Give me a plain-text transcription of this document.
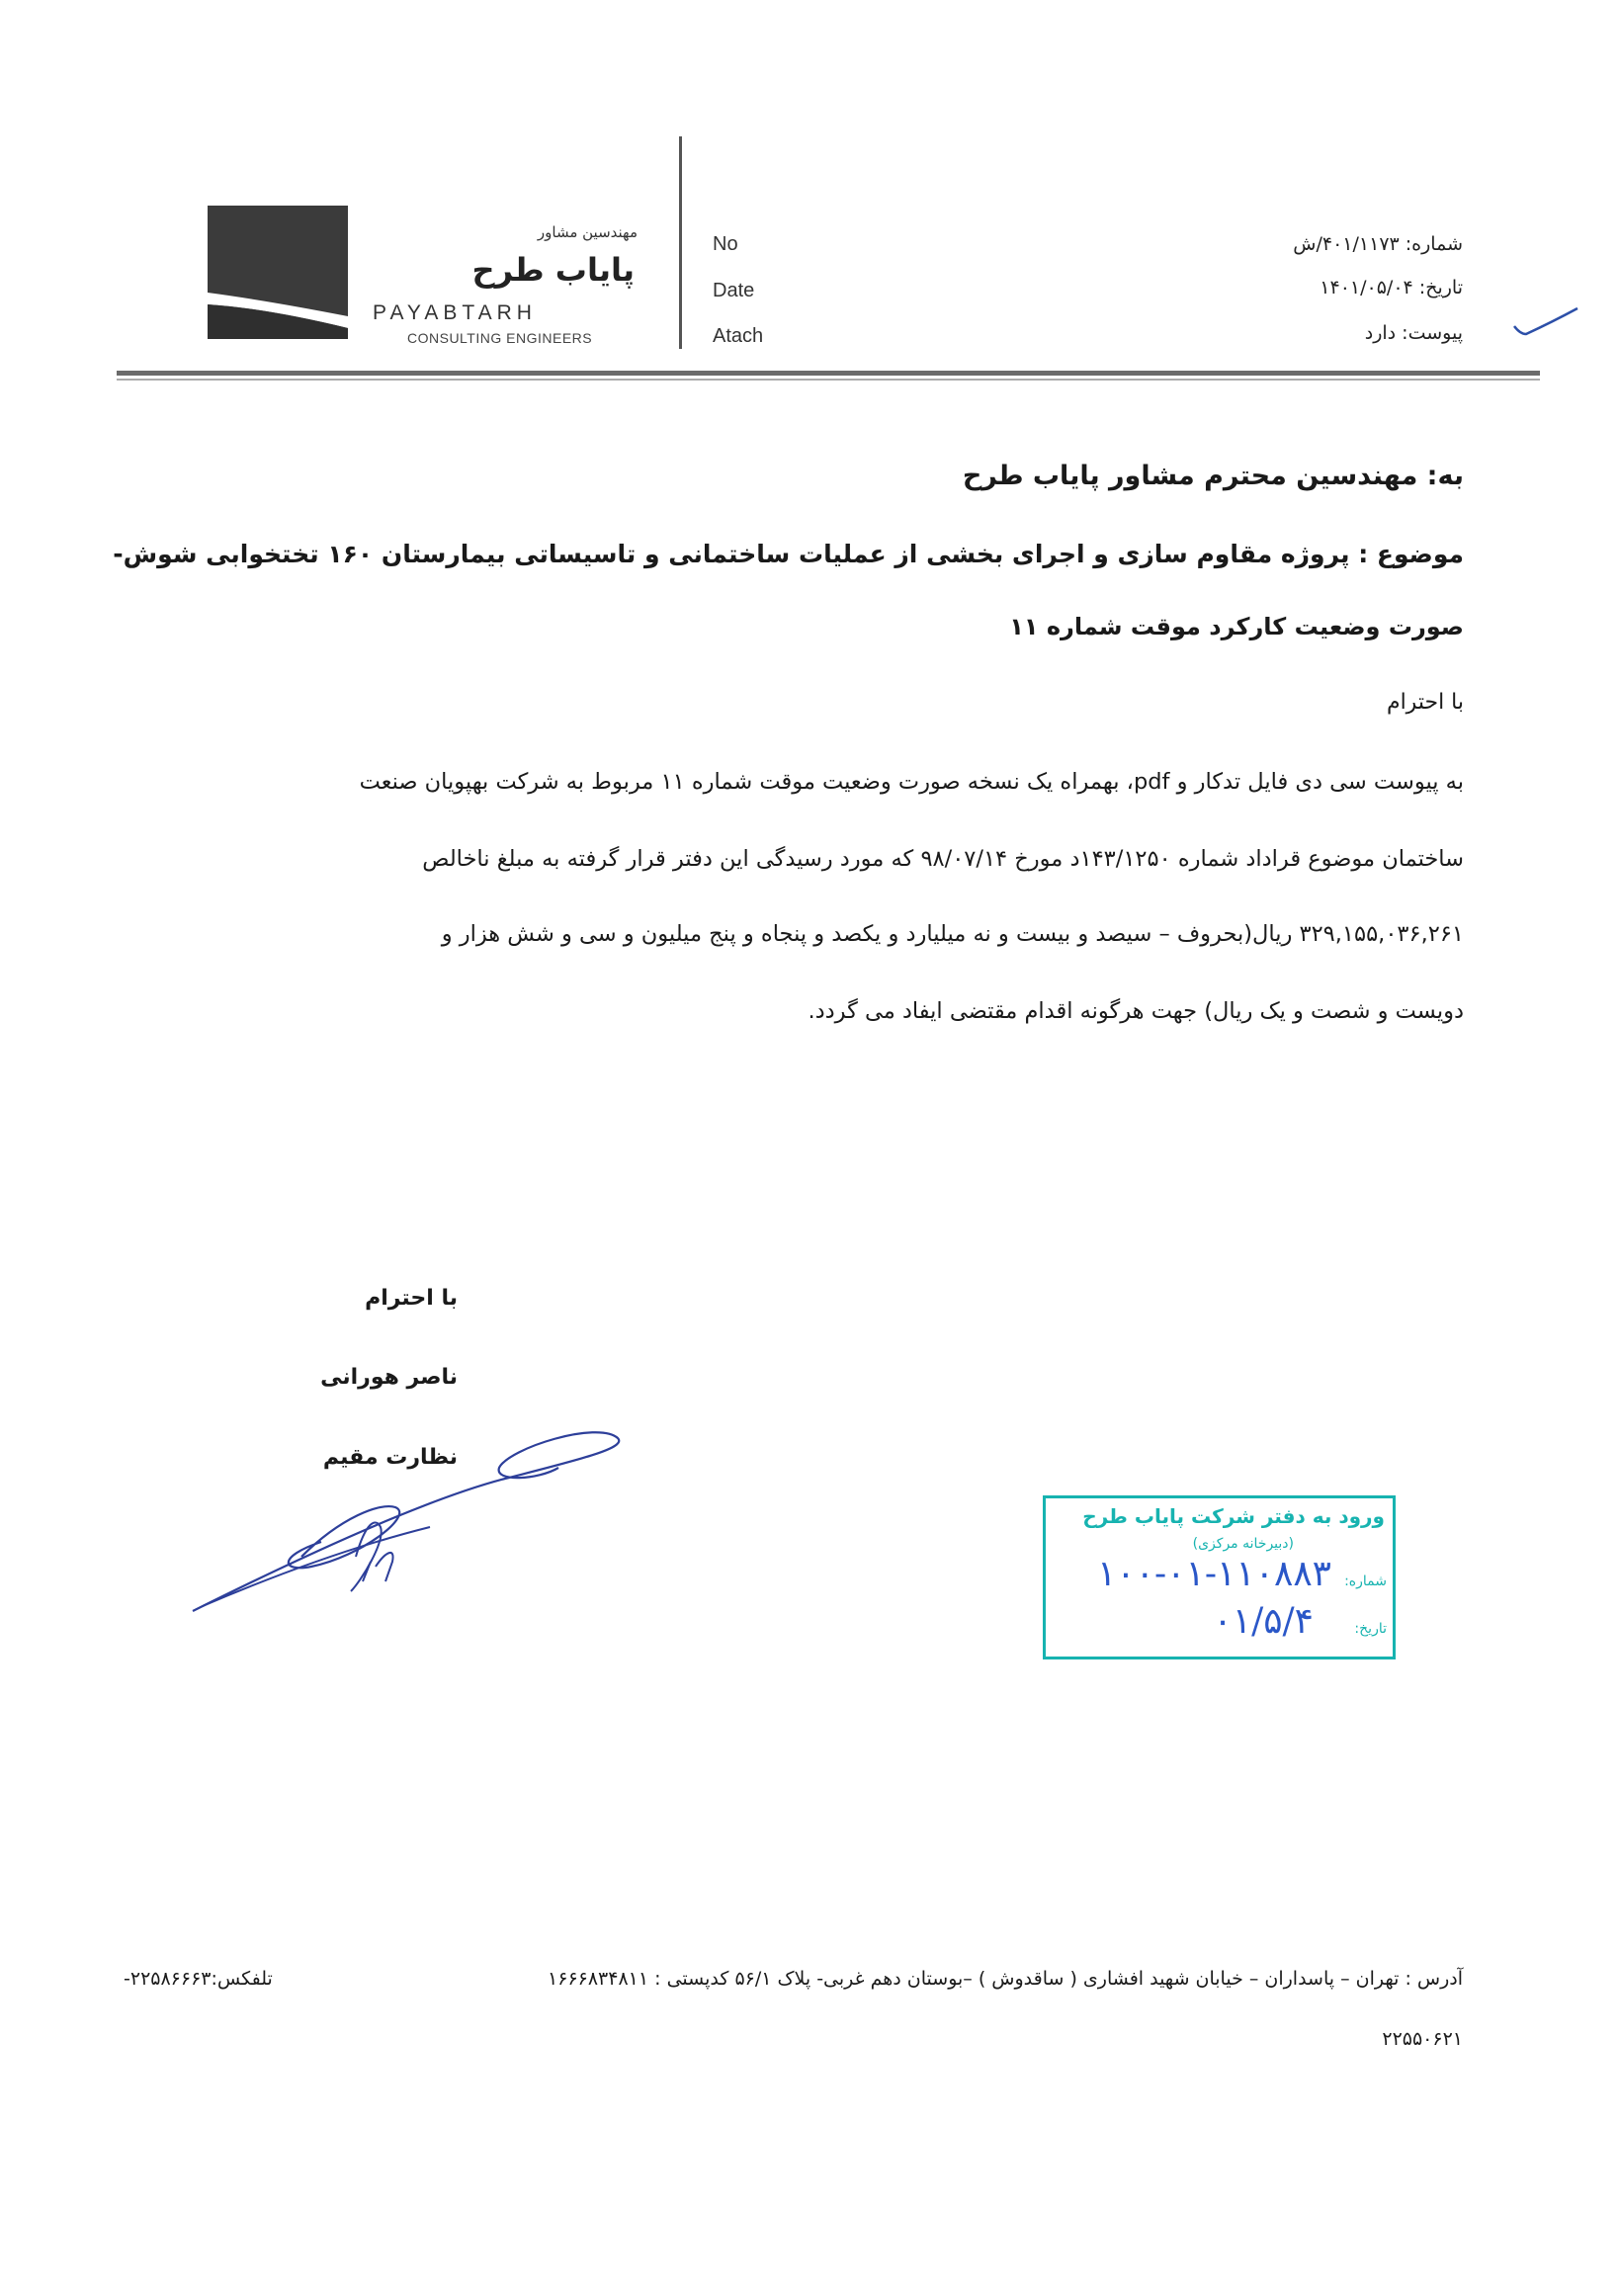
مهندسین مشاور
پایاب طرح
PAYABTARH
CONSULTING ENGINEERS
No
Date
Atach
شماره: ۴۰۱/۱۱۷۳/ش
تاریخ: ۱۴۰۱/۰۵/۰۴
پیوست: دارد
به: مهندسین محترم مشاور پایاب طرح
موضوع : پروژه مقاوم سازی و اجرای بخشی از عملیات ساختمانی و تاسیساتی بیمارستان ۱۶۰ تختخوابی شوش-
صورت وضعیت کارکرد موقت شماره ۱۱
با احترام
به پیوست سی دی فایل تدکار و pdf، بهمراه یک نسخه صورت وضعیت موقت شماره ۱۱ مربوط به شرکت بهپویان صنعت
ساختمان موضوع قراداد شماره ۱۴۳/۱۲۵۰د مورخ ۹۸/۰۷/۱۴ که مورد رسیدگی این دفتر قرار گرفته به مبلغ ناخالص
۳۲۹,۱۵۵,۰۳۶,۲۶۱ ریال(بحروف – سیصد و بیست و نه میلیارد و یکصد و پنجاه و پنج میلیون و سی و شش هزار و
دویست و شصت و یک ریال) جهت هرگونه اقدام مقتضی ایفاد می گردد.
با احترام
ناصر هورانی
نظارت مقیم
ورود به دفتر شرکت پایاب طرح
(دبیرخانه مرکزی)
شماره:
۱۰۰-۰۱-۱۱۰۸۸۳
تاریخ:
۰۱/۵/۴
آدرس : تهران – پاسداران – خیابان شهید افشاری ( ساقدوش ) –بوستان دهم غربی- پلاک ۵۶/۱ کدپستی : ۱۶۶۶۸۳۴۸۱۱
تلفکس:۲۲۵۸۶۶۶۳-
۲۲۵۵۰۶۲۱
